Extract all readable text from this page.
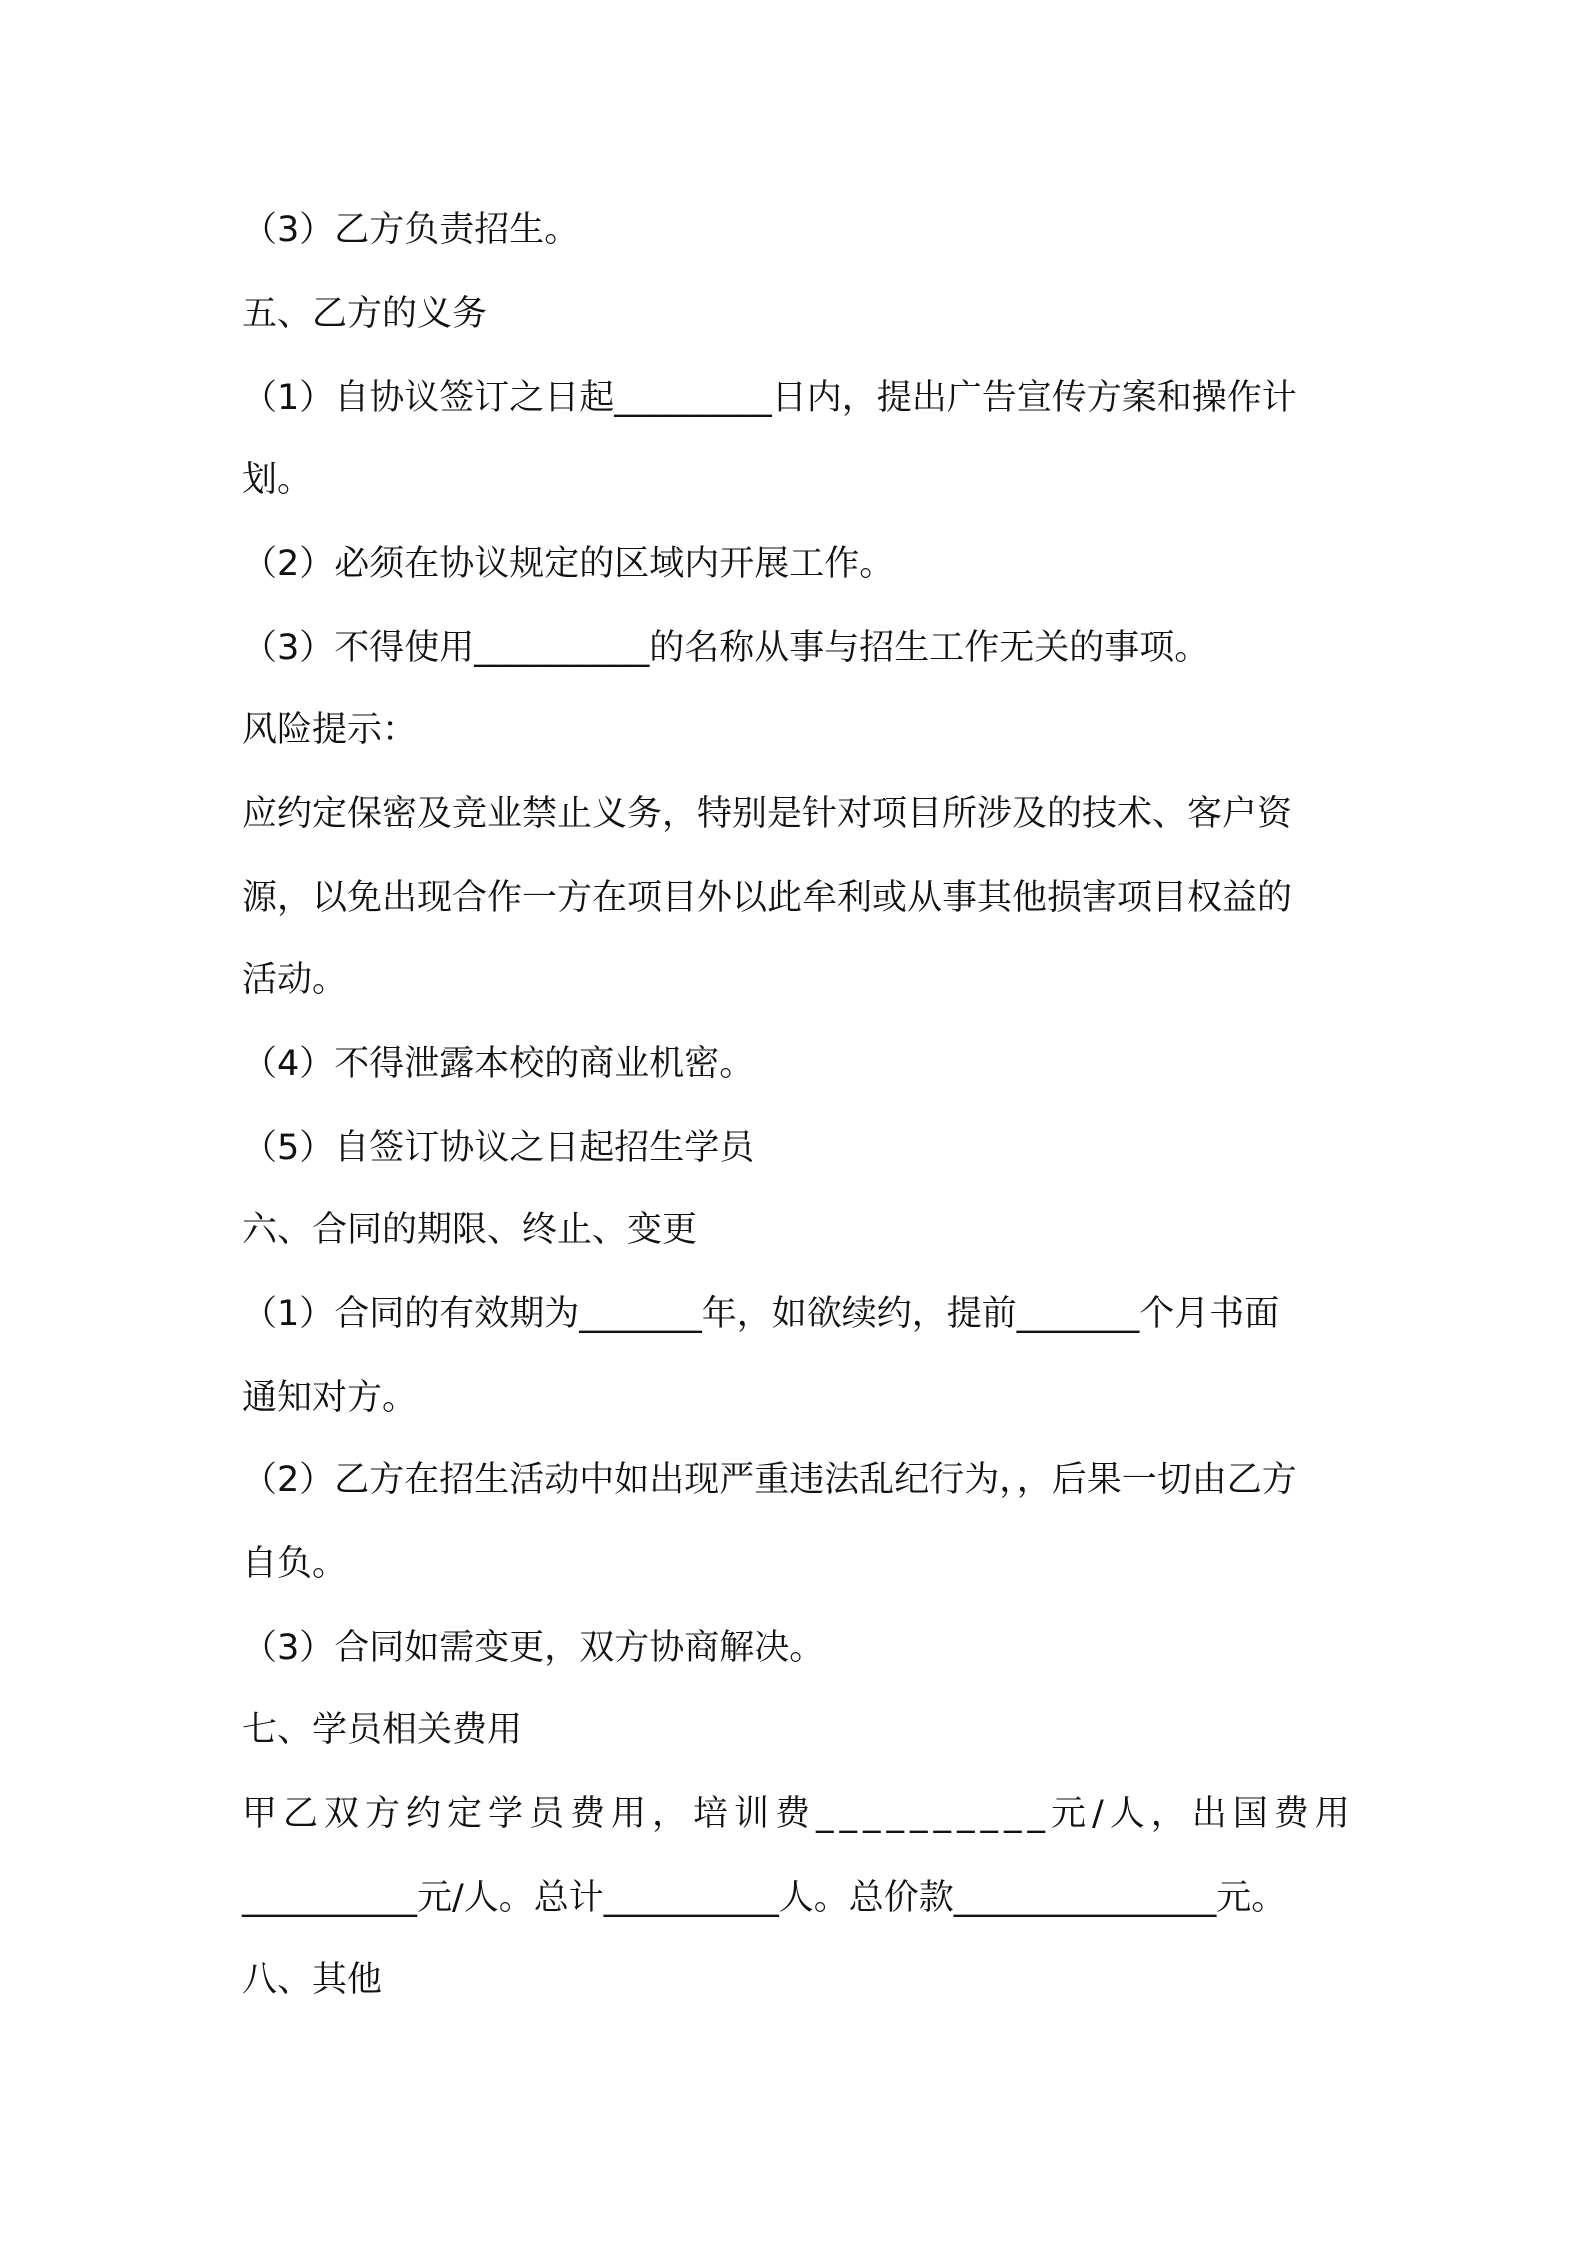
（3）乙方负责招生。
五、乙方的义务
（1）自协议签订之日起_________日内，提出广告宣传方案和操作计
划。
（2）必须在协议规定的区域内开展工作。
（3）不得使用__________的名称从事与招生工作无关的事项。
风险提示：
应约定保密及竞业禁止义务，特别是针对项目所涉及的技术、客户资
源，以免出现合作一方在项目外以此牟利或从事其他损害项目权益的
活动。
（4）不得泄露本校的商业机密。
（5）自签订协议之日起招生学员
六、合同的期限、终止、变更
（1）合同的有效期为_______年，如欲续约，提前_______个月书面
通知对方。
（2）乙方在招生活动中如出现严重违法乱纪行为，，后果一切由乙方
自负。
（3）合同如需变更，双方协商解决。
七、学员相关费用
甲乙双方约定学员费用，培训费__________元/人，出国费用
__________元/人。总计__________人。总价款_______________元。
八、其他
